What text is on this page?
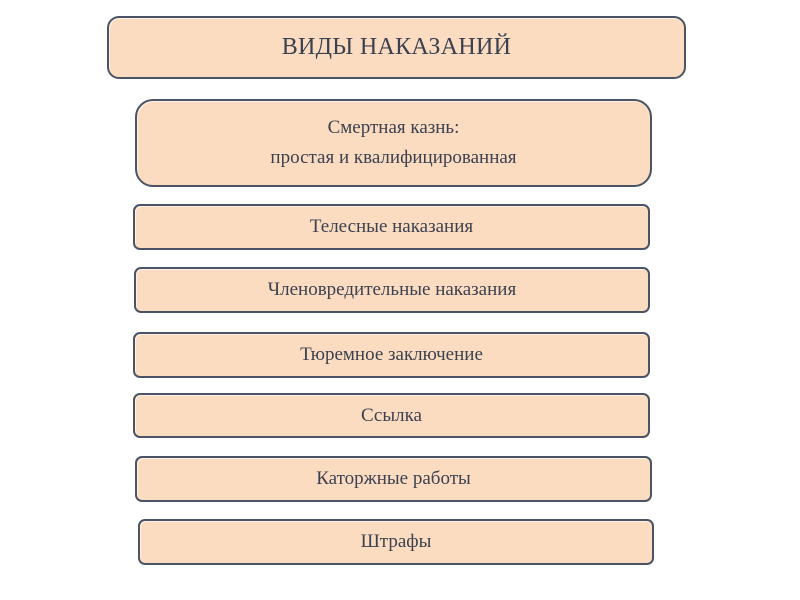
ВИДЫ НАКАЗАНИЙ
Смертная казнь:
простая и квалифицированная
Телесные наказания
Членовредительные наказания
Тюремное заключение
Ссылка
Каторжные работы
Штрафы
